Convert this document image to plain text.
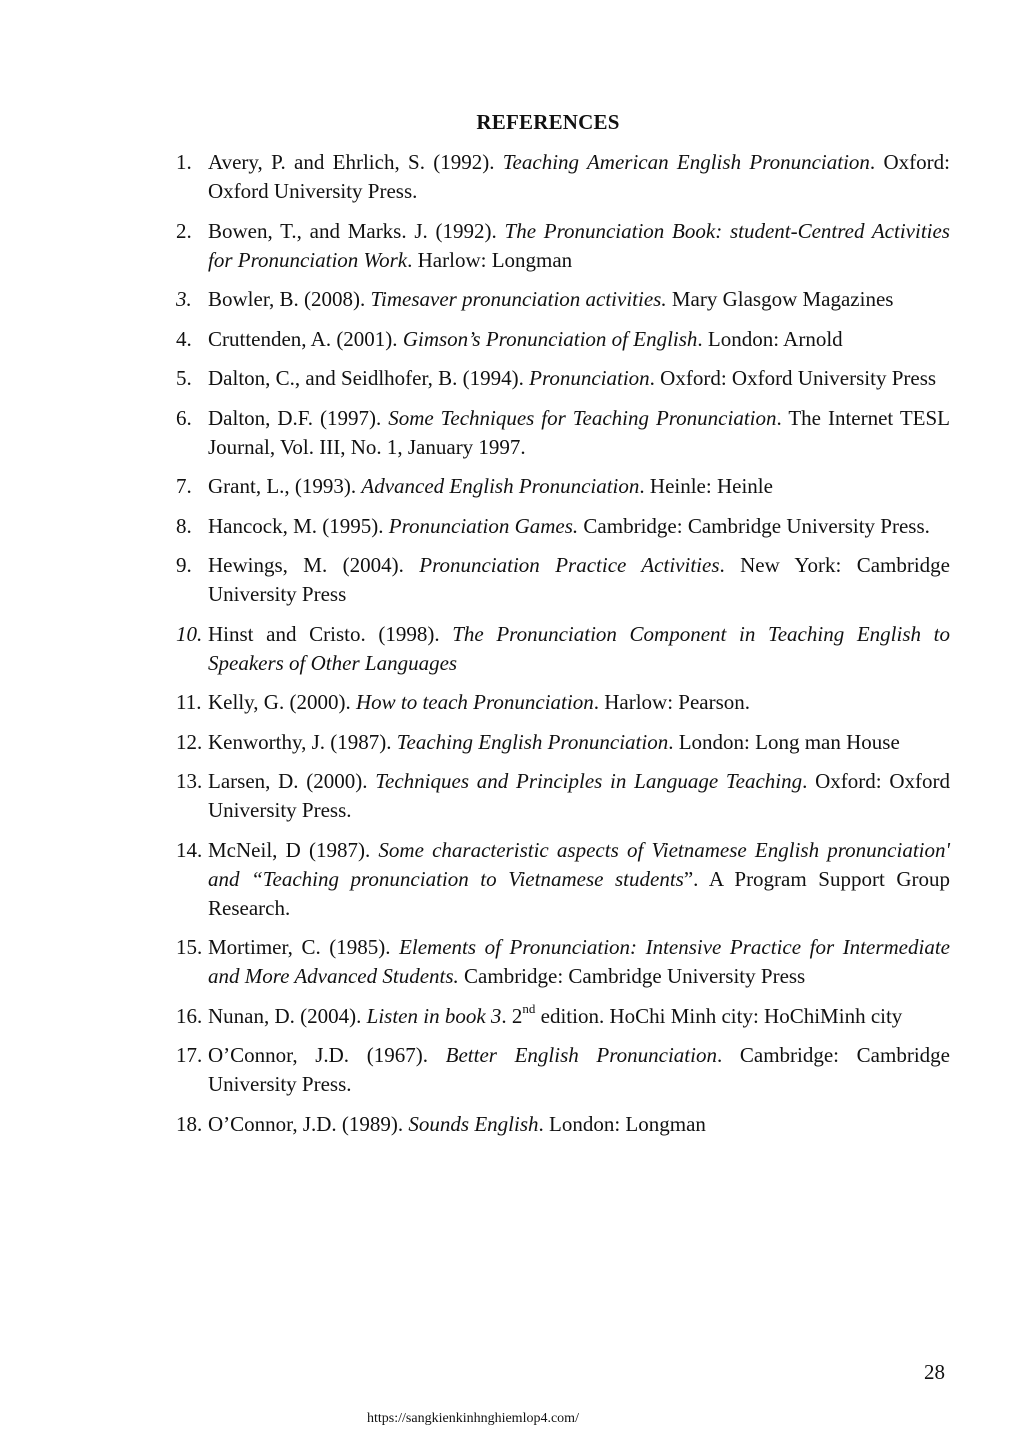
REFERENCES
1. Avery, P. and Ehrlich, S. (1992). Teaching American English Pronunciation. Oxford: Oxford University Press.
2. Bowen, T., and Marks. J. (1992). The Pronunciation Book: student-Centred Activities for Pronunciation Work. Harlow: Longman
3. Bowler, B. (2008). Timesaver pronunciation activities. Mary Glasgow Magazines
4. Cruttenden, A. (2001). Gimson’s Pronunciation of English. London: Arnold
5. Dalton, C., and Seidlhofer, B. (1994). Pronunciation. Oxford: Oxford University Press
6. Dalton, D.F. (1997). Some Techniques for Teaching Pronunciation. The Internet TESL Journal, Vol. III, No. 1, January 1997.
7. Grant, L., (1993). Advanced English Pronunciation. Heinle: Heinle
8. Hancock, M. (1995). Pronunciation Games. Cambridge: Cambridge University Press.
9. Hewings, M. (2004). Pronunciation Practice Activities. New York: Cambridge University Press
10. Hinst and Cristo. (1998). The Pronunciation Component in Teaching English to Speakers of Other Languages
11. Kelly, G. (2000). How to teach Pronunciation. Harlow: Pearson.
12. Kenworthy, J. (1987). Teaching English Pronunciation. London: Long man House
13. Larsen, D. (2000). Techniques and Principles in Language Teaching. Oxford: Oxford University Press.
14. McNeil, D (1987). Some characteristic aspects of Vietnamese English pronunciation' and “Teaching pronunciation to Vietnamese students”. A Program Support Group Research.
15. Mortimer, C. (1985). Elements of Pronunciation: Intensive Practice for Intermediate and More Advanced Students. Cambridge: Cambridge University Press
16. Nunan, D. (2004). Listen in book 3. 2nd edition. HoChi Minh city: HoChiMinh city
17. O’Connor, J.D. (1967). Better English Pronunciation. Cambridge: Cambridge University Press.
18. O’Connor, J.D. (1989). Sounds English. London: Longman
28
https://sangkienkinhnghiemlop4.com/
